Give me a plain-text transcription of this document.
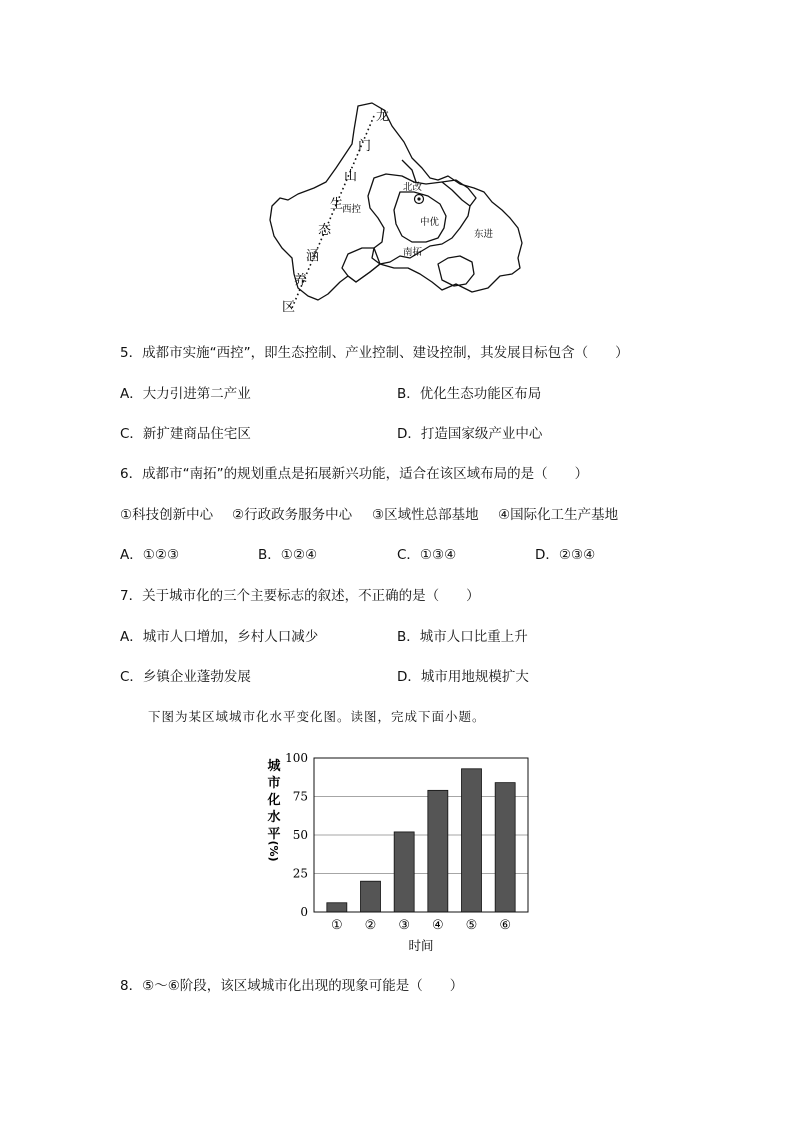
龙
门
山
生
态
涵
养
区
北改
西控
中优
南拓
东进
5．成都市实施“西控”，即生态控制、产业控制、建设控制，其发展目标包含（　　）
A．大力引进第二产业	B．优化生态功能区布局
C．新扩建商品住宅区	D．打造国家级产业中心
6．成都市“南拓”的规划重点是拓展新兴功能，适合在该区域布局的是（　　）
①科技创新中心 ②行政政务服务中心 ③区域性总部基地 ④国际化工生产基地
A．①②③	B．①②④	C．①③④	D．②③④
7．关于城市化的三个主要标志的叙述，不正确的是（　　）
A．城市人口增加，乡村人口减少	B．城市人口比重上升
C．乡镇企业蓬勃发展	D．城市用地规模扩大
下图为某区域城市化水平变化图。读图，完成下面小题。
城
市
化
水
平
(%)
0
25
50
75
100
① ② ③ ④ ⑤ ⑥
时间
8．⑤～⑥阶段，该区域城市化出现的现象可能是（　　）
